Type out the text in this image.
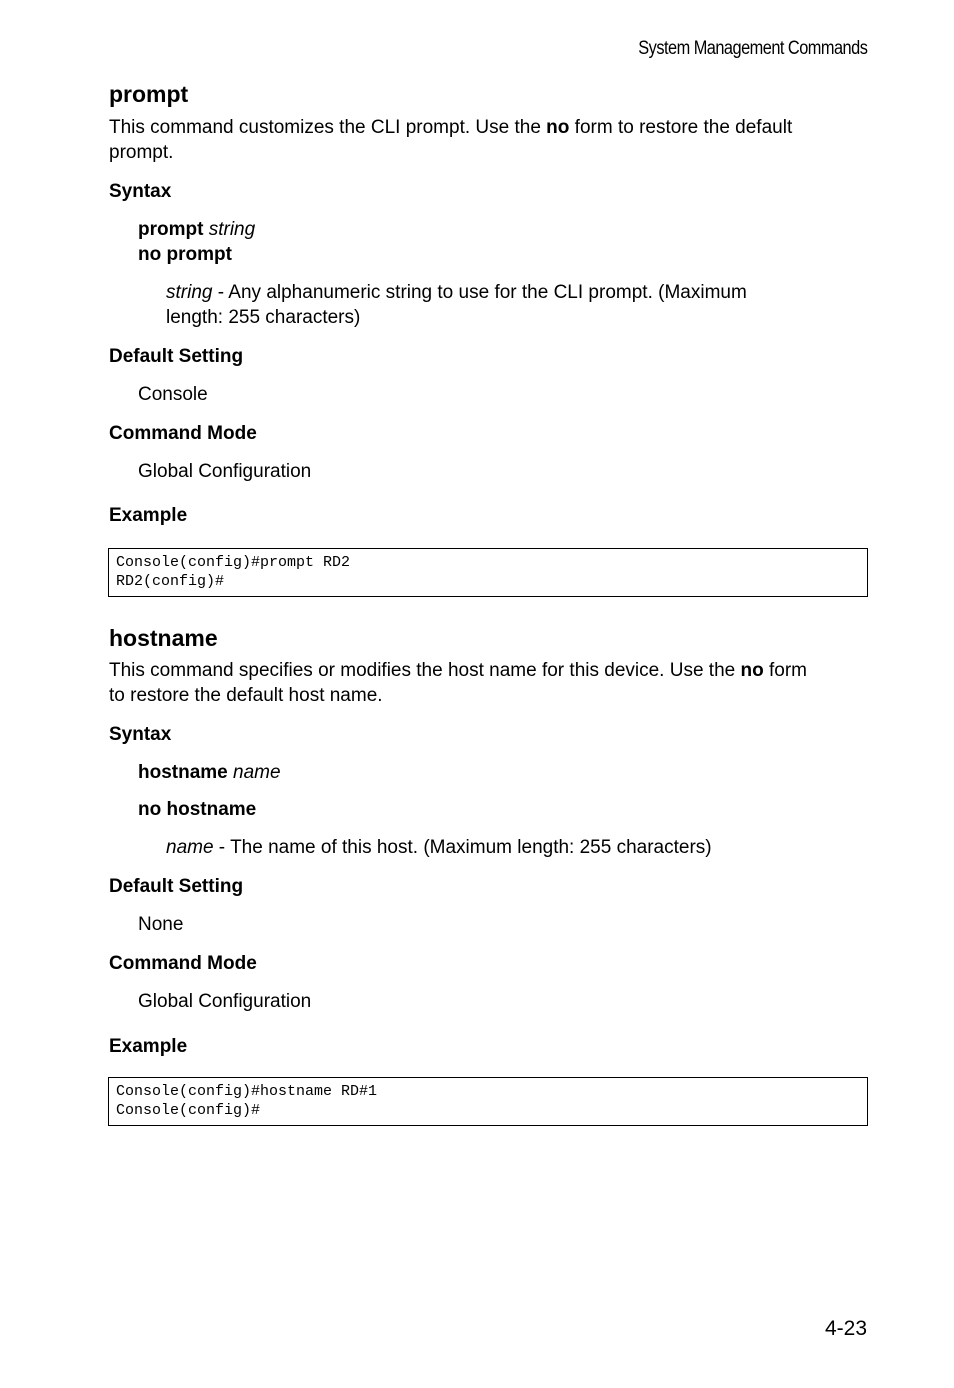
System Management Commands
prompt
This command customizes the CLI prompt. Use the no form to restore the default
prompt.
Syntax
prompt string
no prompt
string - Any alphanumeric string to use for the CLI prompt. (Maximum
length: 255 characters)
Default Setting
Console
Command Mode
Global Configuration
Example
Console(config)#prompt RD2
RD2(config)#
hostname
This command specifies or modifies the host name for this device. Use the no form
to restore the default host name.
Syntax
hostname name
no hostname
name - The name of this host. (Maximum length: 255 characters)
Default Setting
None
Command Mode
Global Configuration
Example
Console(config)#hostname RD#1
Console(config)#
4-23
